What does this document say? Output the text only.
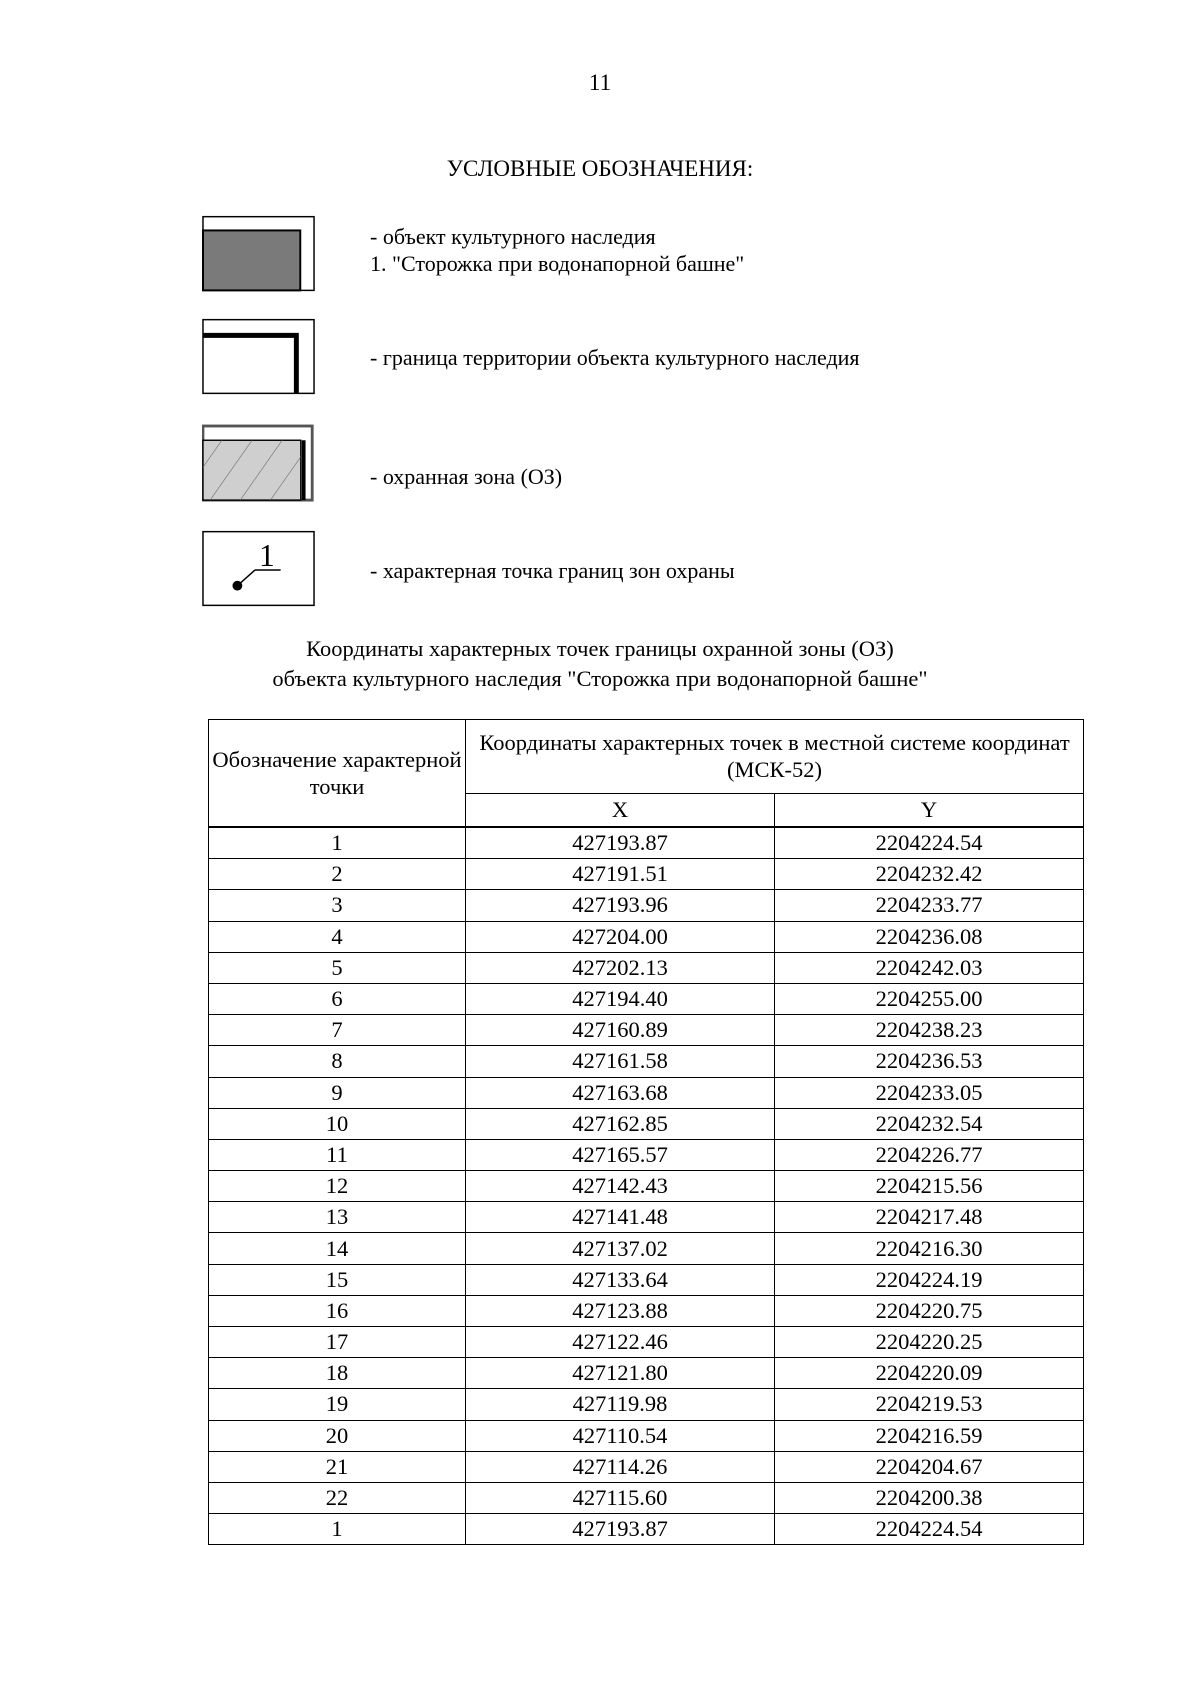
11
УСЛОВНЫЕ ОБОЗНАЧЕНИЯ:
- объект культурного наследия
1. "Сторожка при водонапорной башне"
- граница территории объекта культурного наследия
- охранная зона (ОЗ)
1	- характерная точка границ зон охраны
Координаты характерных точек границы охранной зоны (ОЗ)
объекта культурного наследия "Сторожка при водонапорной башне"
Обозначение характерной точки	Координаты характерных точек в местной системе координат (МСК-52)	
	X	Y
1	427193.87	2204224.54
2	427191.51	2204232.42
3	427193.96	2204233.77
4	427204.00	2204236.08
5	427202.13	2204242.03
6	427194.40	2204255.00
7	427160.89	2204238.23
8	427161.58	2204236.53
9	427163.68	2204233.05
10	427162.85	2204232.54
11	427165.57	2204226.77
12	427142.43	2204215.56
13	427141.48	2204217.48
14	427137.02	2204216.30
15	427133.64	2204224.19
16	427123.88	2204220.75
17	427122.46	2204220.25
18	427121.80	2204220.09
19	427119.98	2204219.53
20	427110.54	2204216.59
21	427114.26	2204204.67
22	427115.60	2204200.38
1	427193.87	2204224.54
